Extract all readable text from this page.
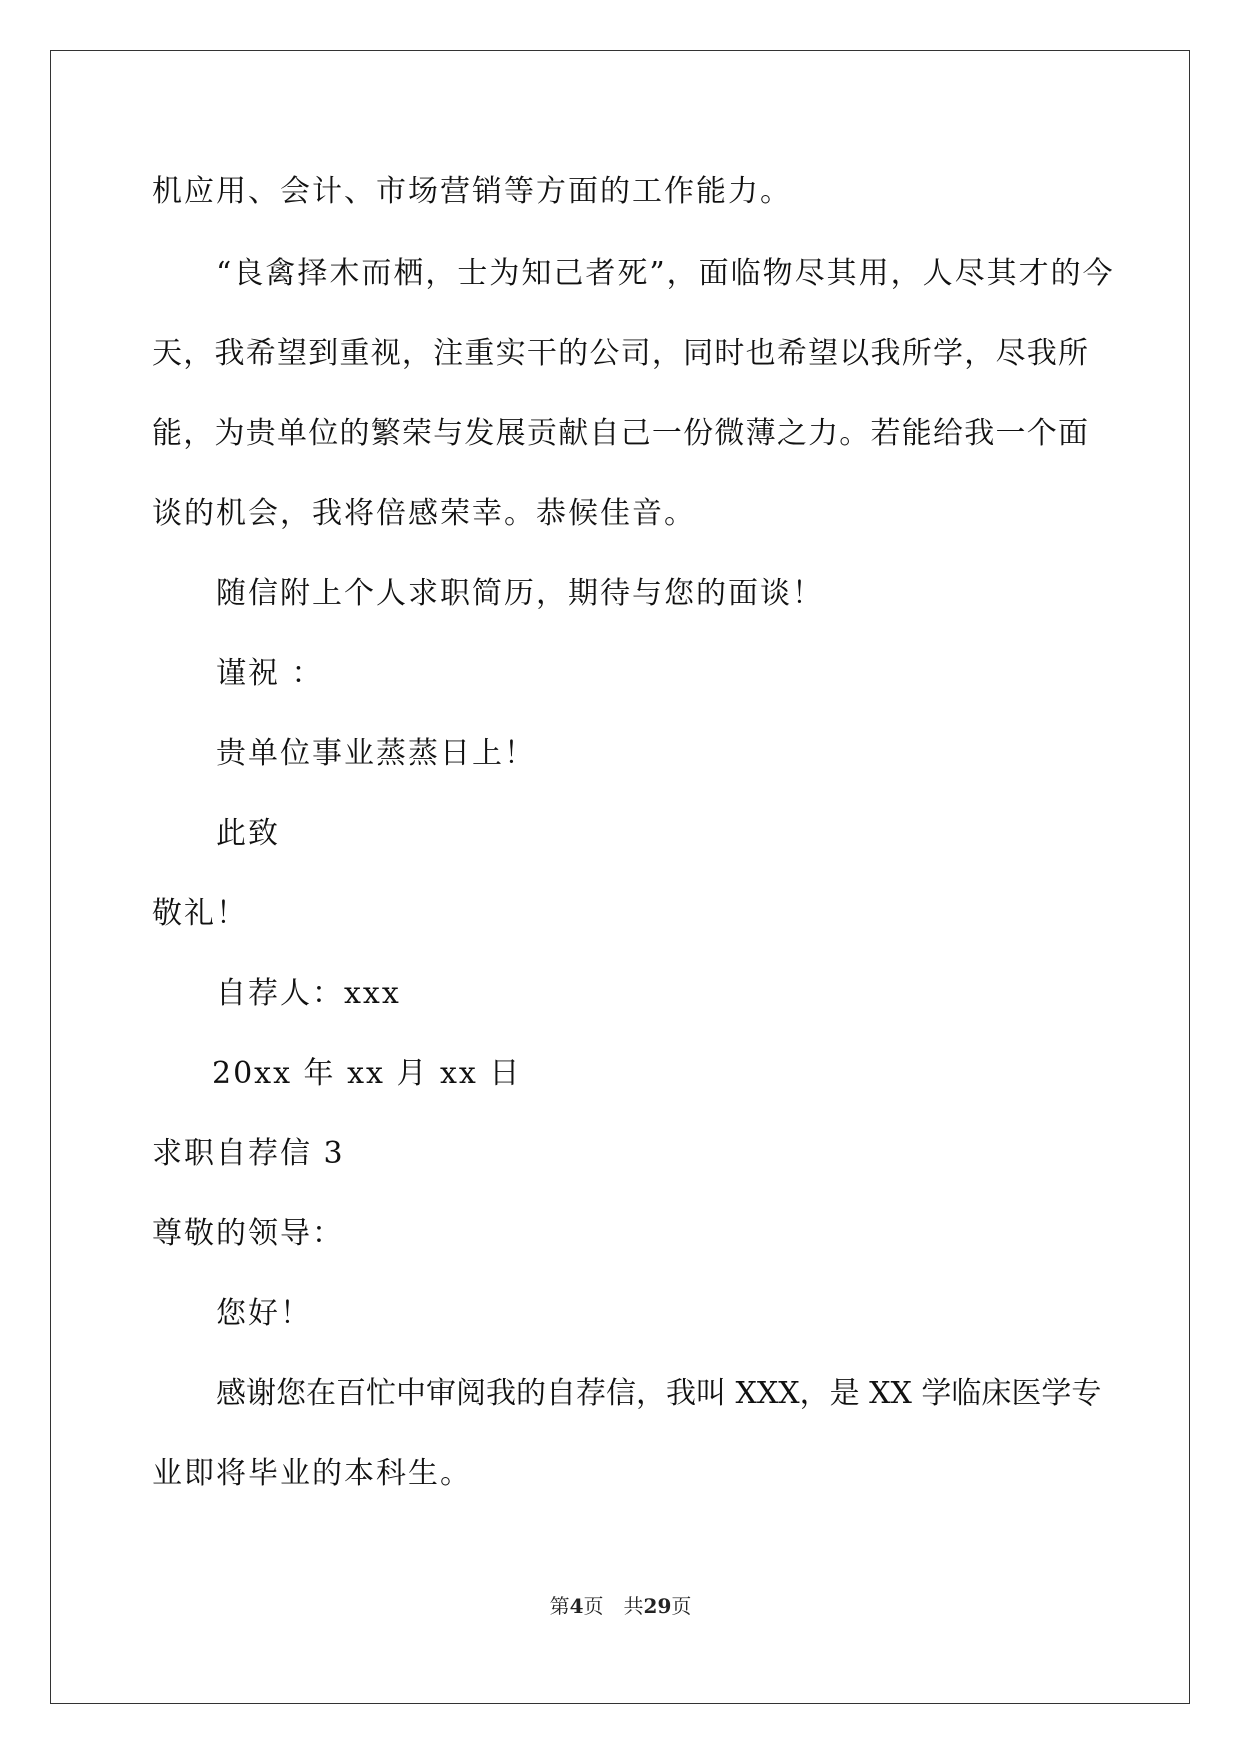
机应用、会计、市场营销等方面的工作能力。
“良禽择木而栖，士为知己者死”，面临物尽其用，人尽其才的今
天，我希望到重视，注重实干的公司，同时也希望以我所学，尽我所
能，为贵单位的繁荣与发展贡献自己一份微薄之力。若能给我一个面
谈的机会，我将倍感荣幸。恭候佳音。
随信附上个人求职简历，期待与您的面谈！
谨祝 ：
贵单位事业蒸蒸日上！
此致
敬礼！
自荐人：xxx
20xx 年 xx 月 xx 日
求职自荐信 3
尊敬的领导：
您好！
感谢您在百忙中审阅我的自荐信，我叫 XXX，是 XX 学临床医学专
业即将毕业的本科生。
第4页　共29页
